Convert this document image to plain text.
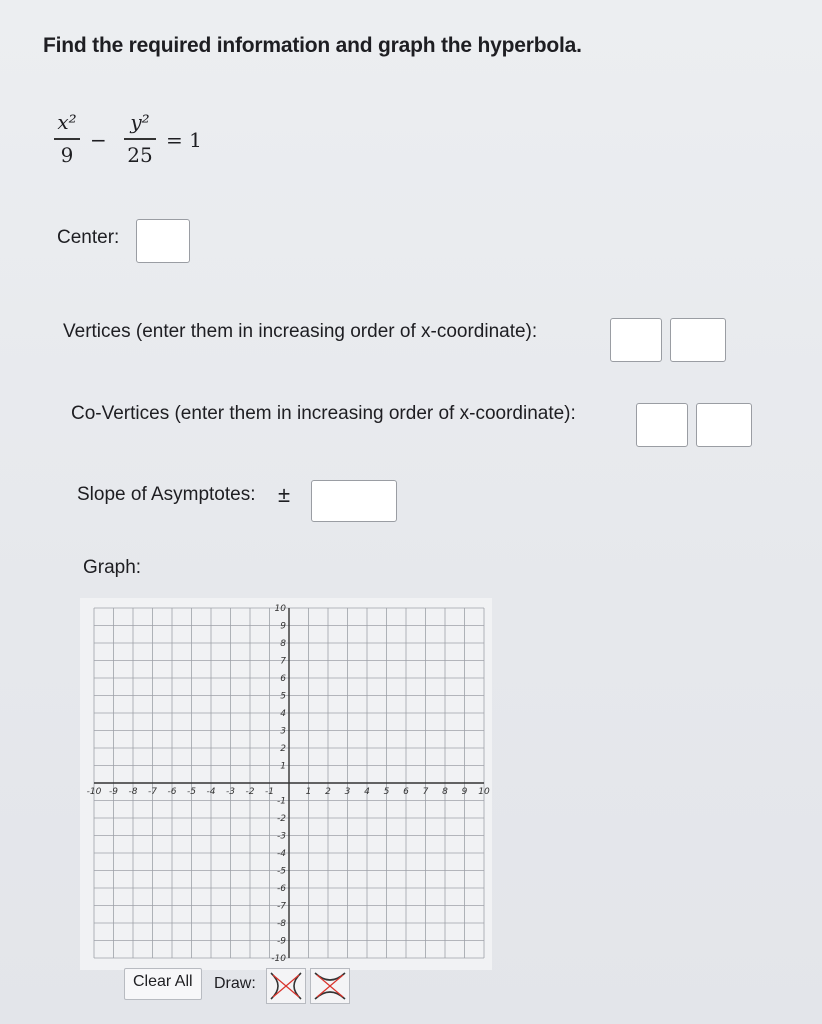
Find the required information and graph the hyperbola.
x²
9
−
y²
25
= 1
Center:
Vertices (enter them in increasing order of x-coordinate):
Co-Vertices (enter them in increasing order of x-coordinate):
Slope of Asymptotes: ±
Graph:
-10 -9 -8 -7 -6 -5 -4 -3 -2 -1	1 2 3 4 5 6 7 8 9 10
10
9
8
7
6
5
4
3
2
1
-1
-2
-3
-4
-5
-6
-7
-8
-9
-10
Clear All	Draw:
